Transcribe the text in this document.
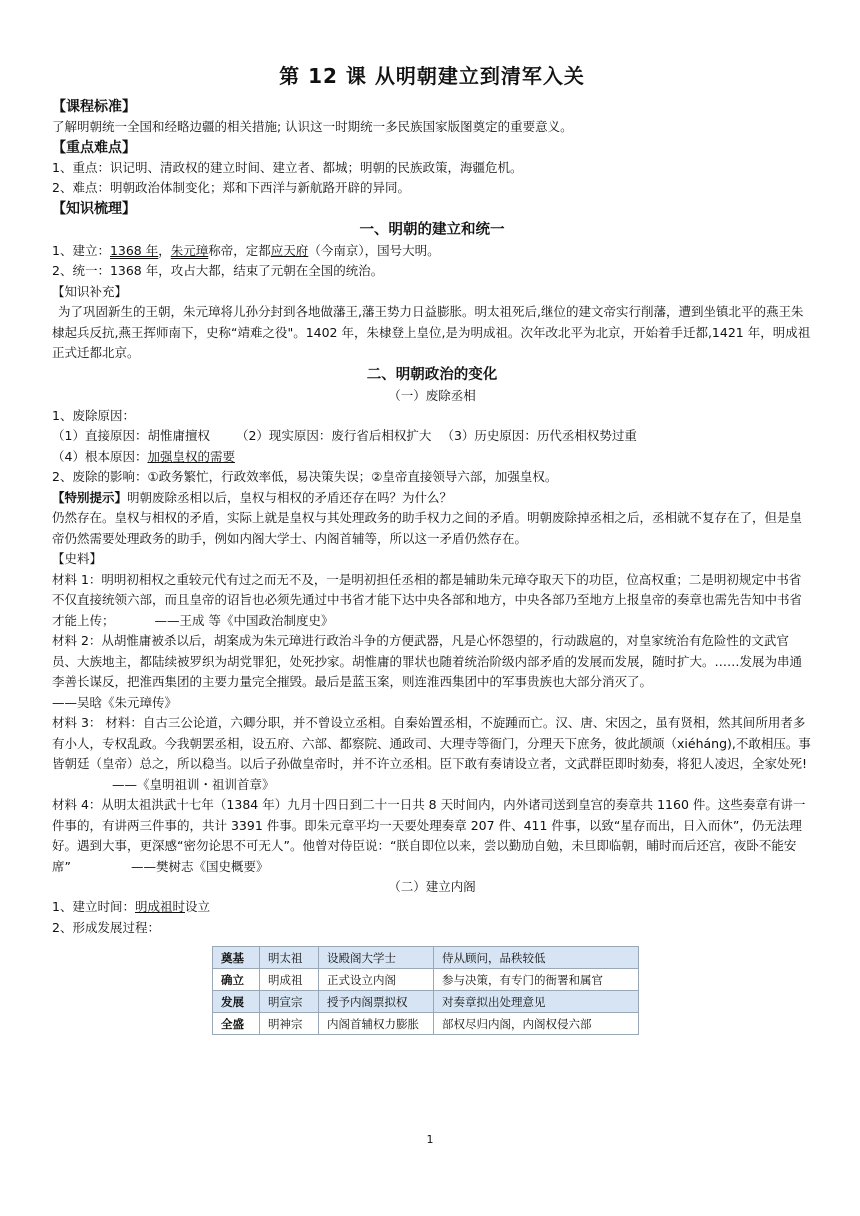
第 12 课 从明朝建立到清军入关

【课程标准】

了解明朝统一全国和经略边疆的相关措施; 认识这一时期统一多民族国家版图奠定的重要意义。

【重点难点】

1、重点：识记明、清政权的建立时间、建立者、都城；明朝的民族政策，海疆危机。

2、难点：明朝政治体制变化；郑和下西洋与新航路开辟的异同。

【知识梳理】

一、明朝的建立和统一

1、建立：1368 年，朱元璋称帝，定都应天府（今南京），国号大明。

2、统一：1368 年，攻占大都，结束了元朝在全国的统治。

【知识补充】

为了巩固新生的王朝，朱元璋将儿孙分封到各地做藩王,藩王势力日益膨胀。明太祖死后,继位的建文帝实行削藩，遭到坐镇北平的燕王朱棣起兵反抗,燕王挥师南下，史称“靖难之役"。1402 年，朱棣登上皇位,是为明成祖。次年改北平为北京，开始着手迁都,1421 年，明成祖正式迁都北京。

二、明朝政治的变化

（一）废除丞相

1、废除原因：

（1）直接原因：胡惟庸擅权 （2）现实原因：废行省后相权扩大 （3）历史原因：历代丞相权势过重

（4）根本原因：加强皇权的需要

2、废除的影响：①政务繁忙，行政效率低，易决策失误；②皇帝直接领导六部，加强皇权。

【特别提示】明朝废除丞相以后，皇权与相权的矛盾还存在吗？为什么？

仍然存在。皇权与相权的矛盾，实际上就是皇权与其处理政务的助手权力之间的矛盾。明朝废除掉丞相之后，丞相就不复存在了，但是皇帝仍然需要处理政务的助手，例如内阁大学士、内阁首辅等，所以这一矛盾仍然存在。

【史料】

材料 1：明明初相权之重较元代有过之而无不及，一是明初担任丞相的都是辅助朱元璋夺取天下的功臣，位高权重；二是明初规定中书省不仅直接统领六部，而且皇帝的诏旨也必须先通过中书省才能下达中央各部和地方，中央各部乃至地方上报皇帝的奏章也需先告知中书省才能上传；	——王成 等《中国政治制度史》

材料 2：从胡惟庸被杀以后，胡案成为朱元璋进行政治斗争的方便武器，凡是心怀怨望的，行动跋扈的，对皇家统治有危险性的文武官员、大族地主，都陆续被罗织为胡党罪犯，处死抄家。胡惟庸的罪状也随着统治阶级内部矛盾的发展而发展，随时扩大。……发展为串通李善长谋反，把淮西集团的主要力量完全摧毁。最后是蓝玉案，则连淮西集团中的军事贵族也大部分消灭了。——吴晗《朱元璋传》

材料 3： 材料：自古三公论道，六卿分职，并不曾设立丞相。自秦始置丞相，不旋踵而亡。汉、唐、宋因之，虽有贤相，然其间所用者多有小人，专权乱政。今我朝罢丞相，设五府、六部、都察院、通政司、大理寺等衙门，分理天下庶务，彼此颉颃（xiéháng),不敢相压。事皆朝廷（皇帝）总之，所以稳当。以后子孙做皇帝时，并不许立丞相。臣下敢有奏请设立者，文武群臣即时劾奏，将犯人凌迟，全家处死!——《皇明祖训・祖训首章》

材料 4：从明太祖洪武十七年（1384 年）九月十四日到二十一日共 8 天时间内，内外诸司送到皇宫的奏章共 1160 件。这些奏章有讲一件事的，有讲两三件事的，共计 3391 件事。即朱元章平均一天要处理奏章 207 件、411 件事，以致“星存而出，日入而休”，仍无法理好。遇到大事，更深感“密勿论思不可无人”。他曾对侍臣说：“朕自即位以来，尝以勤劢自勉，未旦即临朝，晡时而后还宫，夜卧不能安席”	——樊树志《国史概要》

（二）建立内阁

1、建立时间：明成祖时设立

2、形成发展过程：

奠基	明太祖	设殿阁大学士	侍从顾问，品秩较低
确立	明成祖	正式设立内阁	参与决策，有专门的衙署和属官
发展	明宣宗	授予内阁票拟权	对奏章拟出处理意见
全盛	明神宗	内阁首辅权力膨胀	部权尽归内阁，内阁权侵六部
1
